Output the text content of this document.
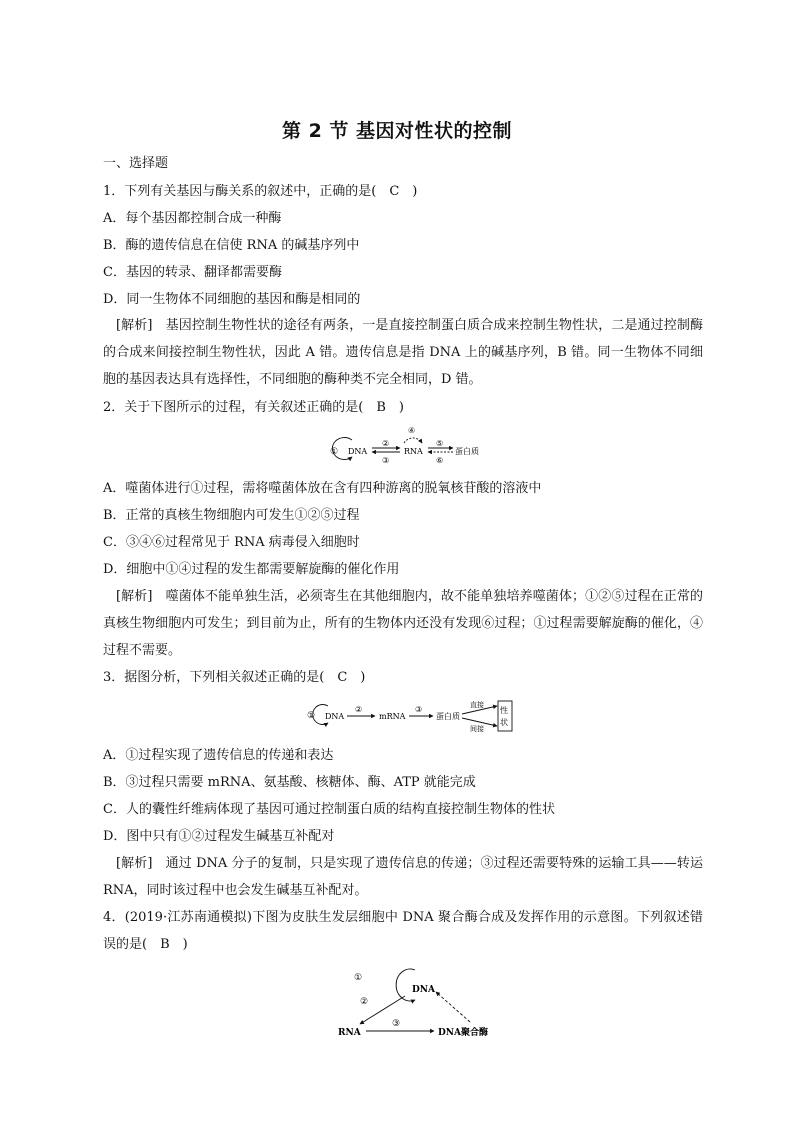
第 2 节 基因对性状的控制
一、选择题
1．下列有关基因与酶关系的叙述中，正确的是(　C　)
A．每个基因都控制合成一种酶
B．酶的遗传信息在信使 RNA 的碱基序列中
C．基因的转录、翻译都需要酶
D．同一生物体不同细胞的基因和酶是相同的
[解析]　基因控制生物性状的途径有两条，一是直接控制蛋白质合成来控制生物性状，二是通过控制酶的合成来间接控制生物性状，因此 A 错。遗传信息是指 DNA 上的碱基序列，B 错。同一生物体不同细胞的基因表达具有选择性，不同细胞的酶种类不完全相同，D 错。
2．关于下图所示的过程，有关叙述正确的是(　B　)
① DNA
②
③
④
RNA
⑤
⑥
蛋白质
A．噬菌体进行①过程，需将噬菌体放在含有四种游离的脱氧核苷酸的溶液中
B．正常的真核生物细胞内可发生①②⑤过程
C．③④⑥过程常见于 RNA 病毒侵入细胞时
D．细胞中①④过程的发生都需要解旋酶的催化作用
[解析]　噬菌体不能单独生活，必须寄生在其他细胞内，故不能单独培养噬菌体；①②⑤过程在正常的真核生物细胞内可发生；到目前为止，所有的生物体内还没有发现⑥过程；①过程需要解旋酶的催化，④过程不需要。
3．据图分析，下列相关叙述正确的是(　C　)
① DNA
②
mRNA
③
蛋白质
直接
间接
性
状
A．①过程实现了遗传信息的传递和表达
B．③过程只需要 mRNA、氨基酸、核糖体、酶、ATP 就能完成
C．人的囊性纤维病体现了基因可通过控制蛋白质的结构直接控制生物体的性状
D．图中只有①②过程发生碱基互补配对
[解析]　通过 DNA 分子的复制，只是实现了遗传信息的传递；③过程还需要特殊的运输工具——转运 RNA，同时该过程中也会发生碱基互补配对。
4．(2019·江苏南通模拟)下图为皮肤生发层细胞中 DNA 聚合酶合成及发挥作用的示意图。下列叙述错误的是(　B　)
①
DNA
②
RNA
③
DNA聚合酶
